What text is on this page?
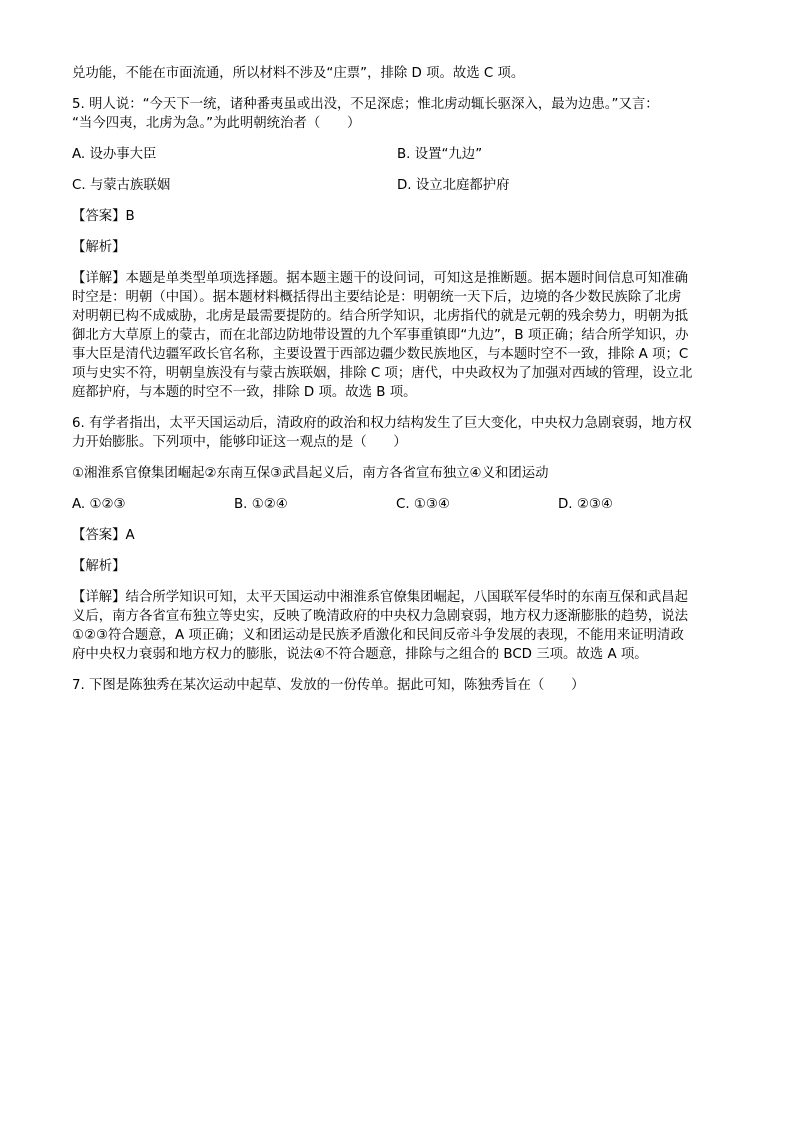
兑功能，不能在市面流通，所以材料不涉及“庄票”，排除 D 项。故选 C 项。
5. 明人说：“今天下一统，诸种番夷虽或出没，不足深虑；惟北虏动辄长驱深入，最为边患。”又言：
“当今四夷，北虏为急。”为此明朝统治者（　　）
A. 设办事大臣	B. 设置“九边”
C. 与蒙古族联姻	D. 设立北庭都护府
【答案】B
【解析】
【详解】本题是单类型单项选择题。据本题主题干的设问词，可知这是推断题。据本题时间信息可知准确
时空是：明朝（中国）。据本题材料概括得出主要结论是：明朝统一天下后，边境的各少数民族除了北虏
对明朝已构不成威胁，北虏是最需要提防的。结合所学知识，北虏指代的就是元朝的残余势力，明朝为抵
御北方大草原上的蒙古，而在北部边防地带设置的九个军事重镇即“九边”，B 项正确；结合所学知识，办
事大臣是清代边疆军政长官名称，主要设置于西部边疆少数民族地区，与本题时空不一致，排除 A 项；C
项与史实不符，明朝皇族没有与蒙古族联姻，排除 C 项；唐代，中央政权为了加强对西域的管理，设立北
庭都护府，与本题的时空不一致，排除 D 项。故选 B 项。
6. 有学者指出，太平天国运动后，清政府的政治和权力结构发生了巨大变化，中央权力急剧衰弱，地方权
力开始膨胀。下列项中，能够印证这一观点的是（　　）
①湘淮系官僚集团崛起②东南互保③武昌起义后，南方各省宣布独立④义和团运动
A. ①②③	B. ①②④	C. ①③④	D. ②③④
【答案】A
【解析】
【详解】结合所学知识可知，太平天国运动中湘淮系官僚集团崛起，八国联军侵华时的东南互保和武昌起
义后，南方各省宣布独立等史实，反映了晚清政府的中央权力急剧衰弱，地方权力逐渐膨胀的趋势，说法
①②③符合题意，A 项正确；义和团运动是民族矛盾激化和民间反帝斗争发展的表现，不能用来证明清政
府中央权力衰弱和地方权力的膨胀，说法④不符合题意，排除与之组合的 BCD 三项。故选 A 项。
7. 下图是陈独秀在某次运动中起草、发放的一份传单。据此可知，陈独秀旨在（　　）
